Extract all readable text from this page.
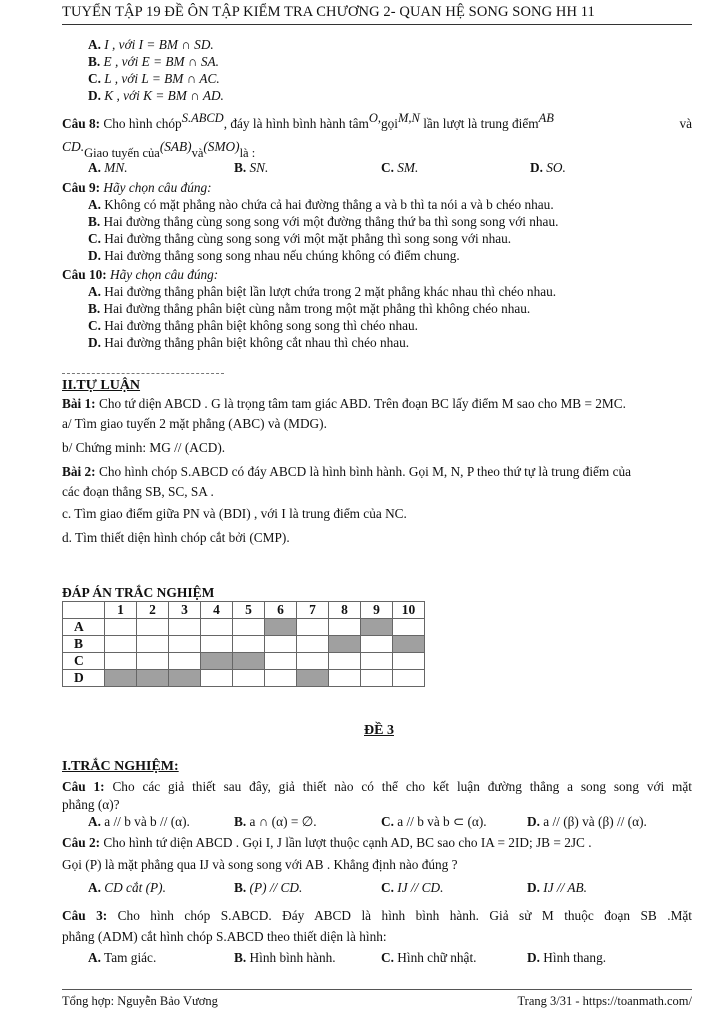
TUYỂN TẬP 19 ĐỀ ÔN TẬP KIỂM TRA CHƯƠNG 2- QUAN HỆ SONG SONG HH 11
A. I , với I = BM ∩ SD.
B. E , với E = BM ∩ SA.
C. L , với L = BM ∩ AC.
D. K , với K = BM ∩ AD.
Câu 8: Cho hình chópS.ABCD, đáy là hình bình hành tâmO,gọiM,N lần lượt là trung điểmAB	và
CD.Giao tuyến của(SAB)và(SMO)là :
A. MN.	B. SN.	C. SM.	D. SO.
Câu 9: Hãy chọn câu đúng:
A. Không có mặt phẳng nào chứa cả hai đường thẳng a và b thì ta nói a và b chéo nhau.
B. Hai đường thẳng cùng song song với một đường thẳng thứ ba thì song song với nhau.
C. Hai đường thẳng cùng song song với một mặt phẳng thì song song với nhau.
D. Hai đường thẳng song song nhau nếu chúng không có điểm chung.
Câu 10: Hãy chọn câu đúng:
A. Hai đường thẳng phân biệt lần lượt chứa trong 2 mặt phẳng khác nhau thì chéo nhau.
B. Hai đường thẳng phân biệt cùng nằm trong một mặt phẳng thì không chéo nhau.
C. Hai đường thẳng phân biệt không song song thì chéo nhau.
D. Hai đường thẳng phân biệt không cắt nhau thì chéo nhau.
II.TỰ LUẬN
Bài 1: Cho tứ diện ABCD . G là trọng tâm tam giác ABD. Trên đoạn BC lấy điểm M sao cho MB = 2MC.
a/ Tìm giao tuyến 2 mặt phẳng (ABC) và (MDG).
b/ Chứng minh: MG // (ACD).
Bài 2: Cho hình chóp S.ABCD có đáy ABCD là hình bình hành. Gọi M, N, P theo thứ tự là trung điểm của
các đoạn thẳng SB, SC, SA .
c. Tìm giao điểm giữa PN và (BDI) , với I là trung điểm của NC.
d. Tìm thiết diện hình chóp cắt bởi (CMP).
ĐÁP ÁN TRẮC NGHIỆM
	1	2	3	4	5	6	7	8	9	10
A										
B										
C										
D										
ĐỀ 3
I.TRẮC NGHIỆM:
Câu 1: Cho các giả thiết sau đây, giả thiết nào có thể cho kết luận đường thẳng a song song với mặt
phẳng (α)?
A. a // b và b // (α).	B. a ∩ (α) = ∅.	C. a // b và b ⊂ (α).	D. a // (β) và (β) // (α).
Câu 2: Cho hình tứ diện ABCD . Gọi I, J lần lượt thuộc cạnh AD, BC sao cho IA = 2ID; JB = 2JC .
Gọi (P) là mặt phẳng qua IJ và song song với AB . Khẳng định nào đúng ?
A. CD cắt (P).	B. (P) // CD.	C. IJ // CD.	D. IJ // AB.
Câu 3: Cho hình chóp S.ABCD. Đáy ABCD là hình bình hành. Giả sử M thuộc đoạn SB .Mặt
phẳng (ADM) cắt hình chóp S.ABCD theo thiết diện là hình:
A. Tam giác.	B. Hình bình hành.	C. Hình chữ nhật.	D. Hình thang.
Tổng hợp: Nguyễn Bảo Vương	Trang 3/31 - https://toanmath.com/
